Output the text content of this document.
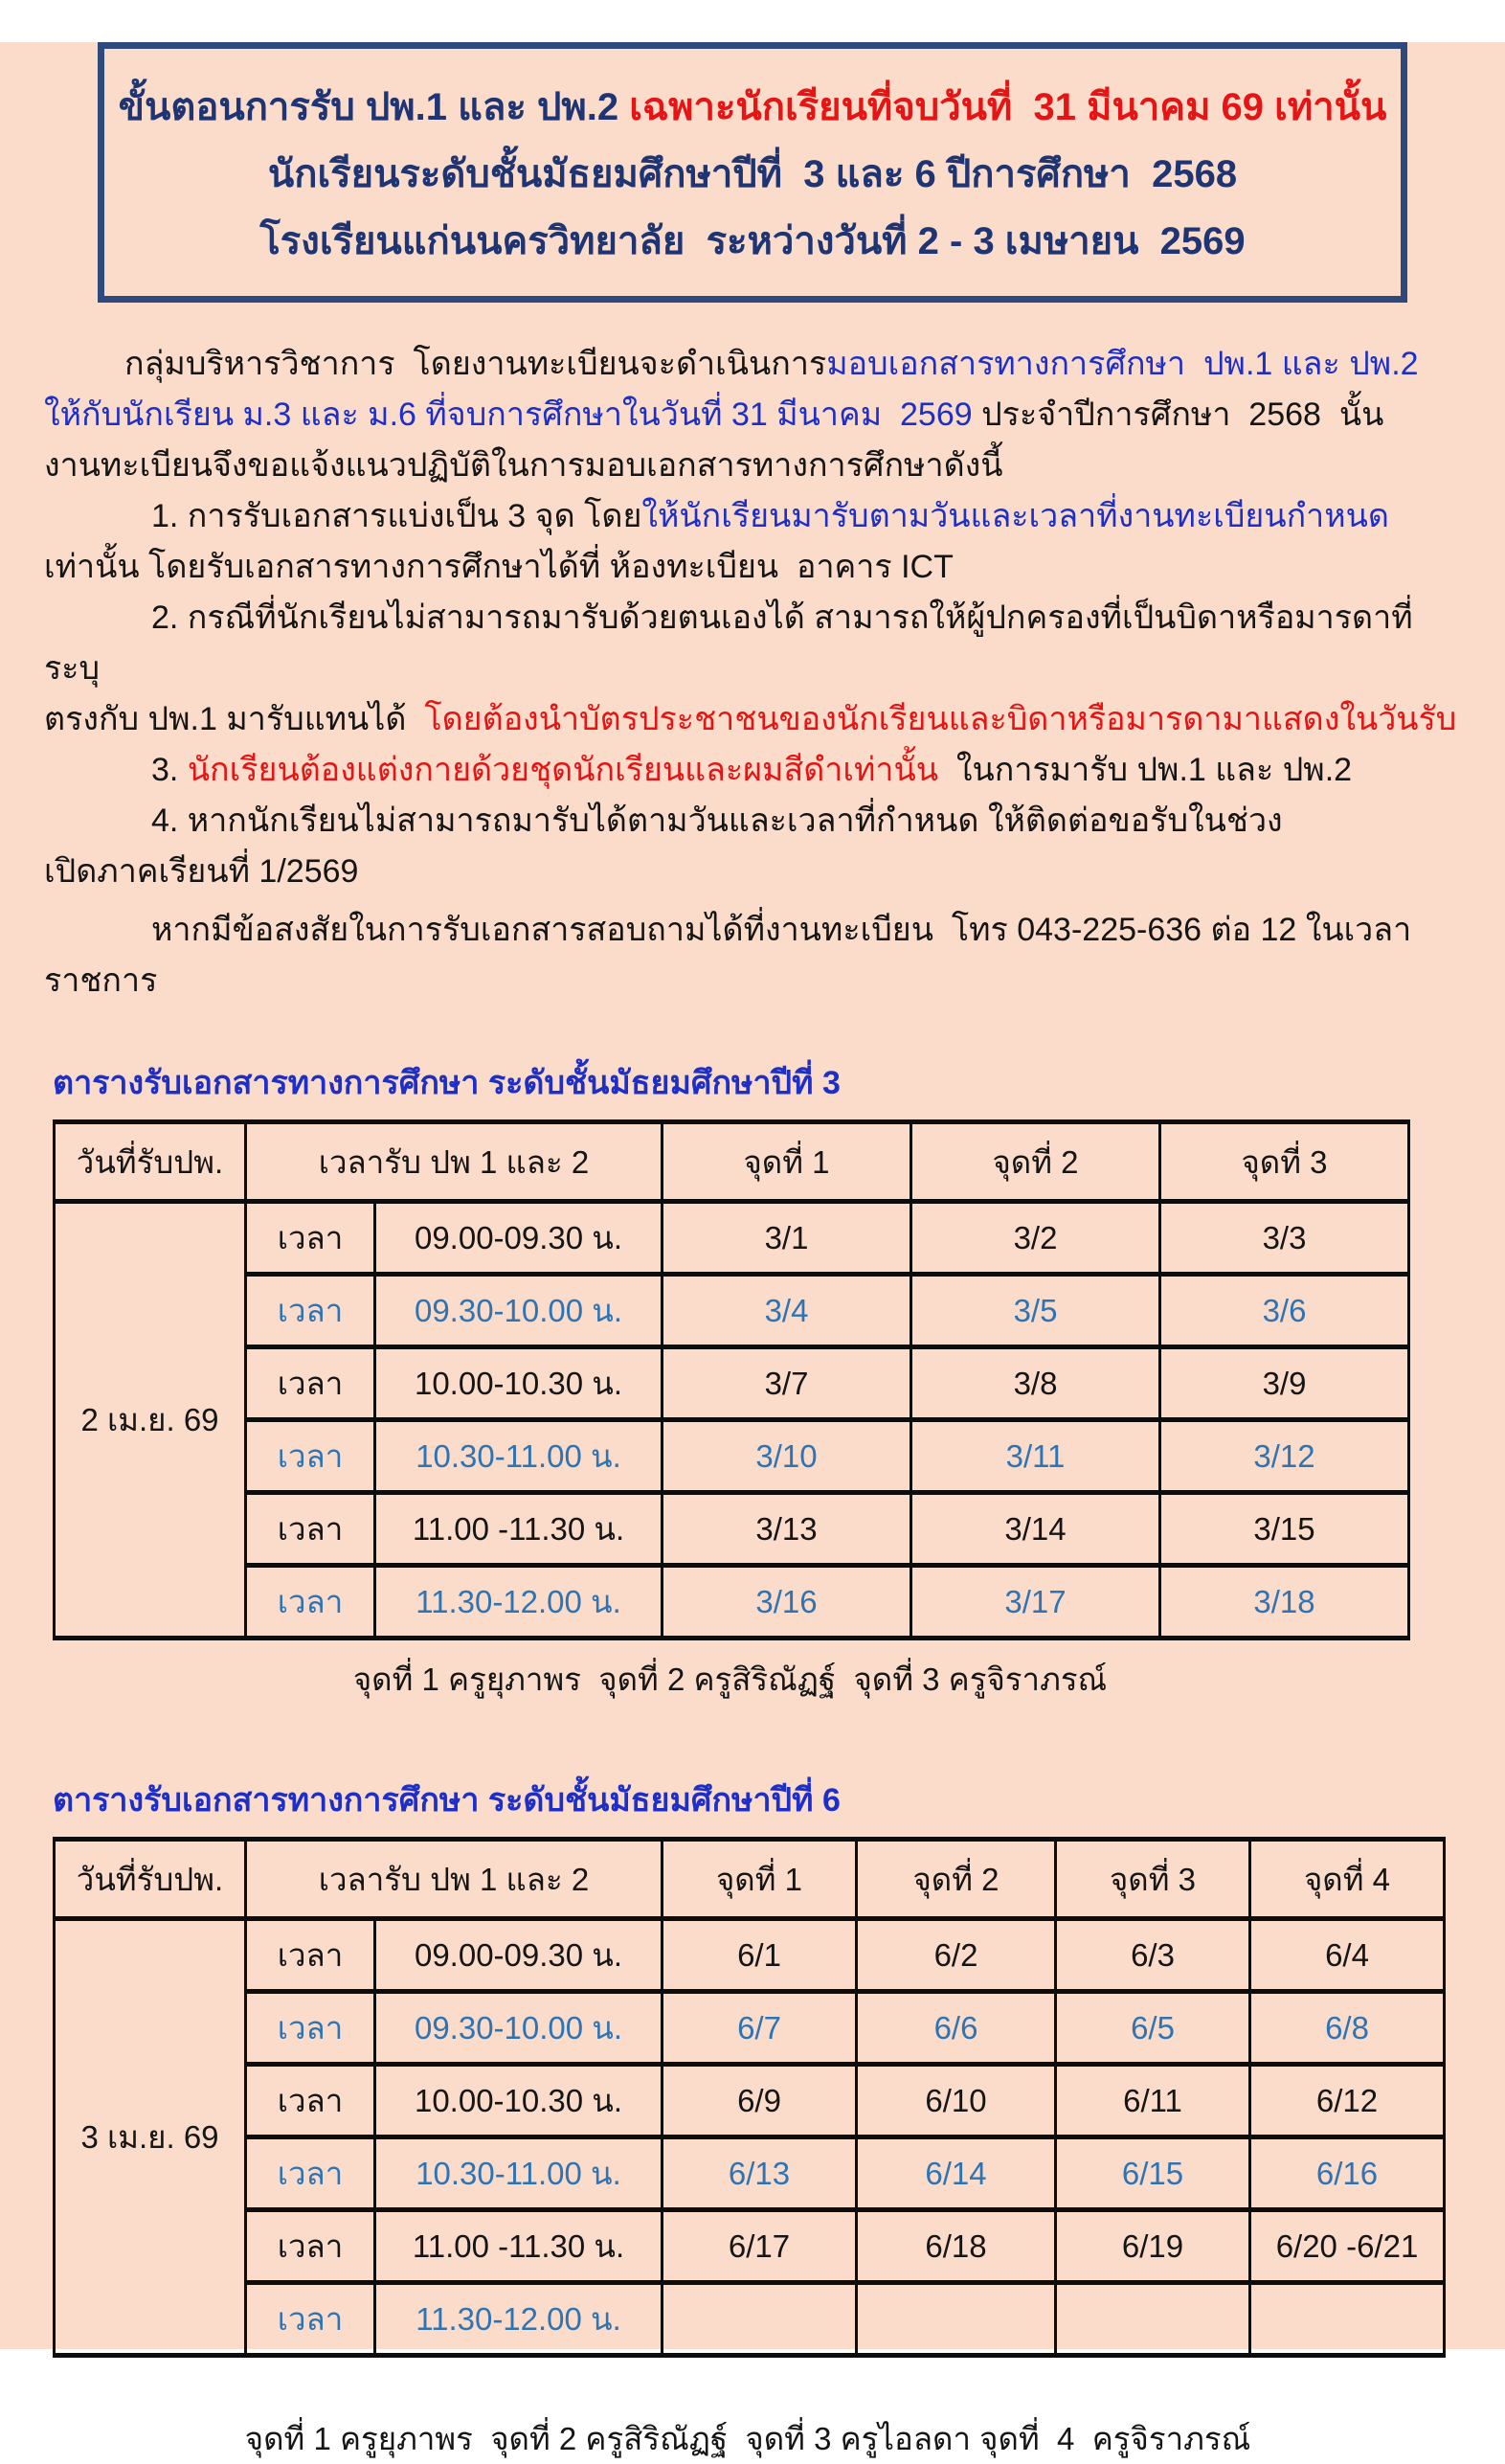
ขั้นตอนการรับ ปพ.1 และ ปพ.2 เฉพาะนักเรียนที่จบวันที่  31 มีนาคม 69 เท่านั้น
นักเรียนระดับชั้นมัธยมศึกษาปีที่  3 และ 6 ปีการศึกษา  2568
โรงเรียนแก่นนครวิทยาลัย  ระหว่างวันที่ 2 - 3 เมษายน  2569
กลุ่มบริหารวิชาการ  โดยงานทะเบียนจะดำเนินการมอบเอกสารทางการศึกษา  ปพ.1 และ ปพ.2
ให้กับนักเรียน ม.3 และ ม.6 ที่จบการศึกษาในวันที่ 31 มีนาคม  2569 ประจำปีการศึกษา  2568  นั้น
งานทะเบียนจึงขอแจ้งแนวปฏิบัติในการมอบเอกสารทางการศึกษาดังนี้
1. การรับเอกสารแบ่งเป็น 3 จุด โดยให้นักเรียนมารับตามวันและเวลาที่งานทะเบียนกำหนด
เท่านั้น โดยรับเอกสารทางการศึกษาได้ที่ ห้องทะเบียน  อาคาร ICT
2. กรณีที่นักเรียนไม่สามารถมารับด้วยตนเองได้ สามารถให้ผู้ปกครองที่เป็นบิดาหรือมารดาที่ระบุ
ตรงกับ ปพ.1 มารับแทนได้  โดยต้องนำบัตรประชาชนของนักเรียนและบิดาหรือมารดามาแสดงในวันรับ
3. นักเรียนต้องแต่งกายด้วยชุดนักเรียนและผมสีดำเท่านั้น  ในการมารับ ปพ.1 และ ปพ.2
4. หากนักเรียนไม่สามารถมารับได้ตามวันและเวลาที่กำหนด ให้ติดต่อขอรับในช่วง
เปิดภาคเรียนที่ 1/2569
หากมีข้อสงสัยในการรับเอกสารสอบถามได้ที่งานทะเบียน  โทร 043-225-636 ต่อ 12 ในเวลาราชการ
ตารางรับเอกสารทางการศึกษา ระดับชั้นมัธยมศึกษาปีที่ 3
วันที่รับปพ.	เวลารับ ปพ 1 และ 2		จุดที่ 1	จุดที่ 2	จุดที่ 3
2 เม.ย. 69	เวลา	09.00-09.30 น.	3/1	3/2	3/3
	เวลา	09.30-10.00 น.	3/4	3/5	3/6
	เวลา	10.00-10.30 น.	3/7	3/8	3/9
	เวลา	10.30-11.00 น.	3/10	3/11	3/12
	เวลา	11.00 -11.30 น.	3/13	3/14	3/15
	เวลา	11.30-12.00 น.	3/16	3/17	3/18
จุดที่ 1 ครูยุภาพร  จุดที่ 2 ครูสิริณัฏฐ์  จุดที่ 3 ครูจิราภรณ์
ตารางรับเอกสารทางการศึกษา ระดับชั้นมัธยมศึกษาปีที่ 6
วันที่รับปพ.	เวลารับ ปพ 1 และ 2		จุดที่ 1	จุดที่ 2	จุดที่ 3	จุดที่ 4
3 เม.ย. 69	เวลา	09.00-09.30 น.	6/1	6/2	6/3	6/4
	เวลา	09.30-10.00 น.	6/7	6/6	6/5	6/8
	เวลา	10.00-10.30 น.	6/9	6/10	6/11	6/12
	เวลา	10.30-11.00 น.	6/13	6/14	6/15	6/16
	เวลา	11.00 -11.30 น.	6/17	6/18	6/19	6/20 -6/21
	เวลา	11.30-12.00 น.				
จุดที่ 1 ครูยุภาพร  จุดที่ 2 ครูสิริณัฏฐ์  จุดที่ 3 ครูไอลดา จุดที่  4  ครูจิราภรณ์
